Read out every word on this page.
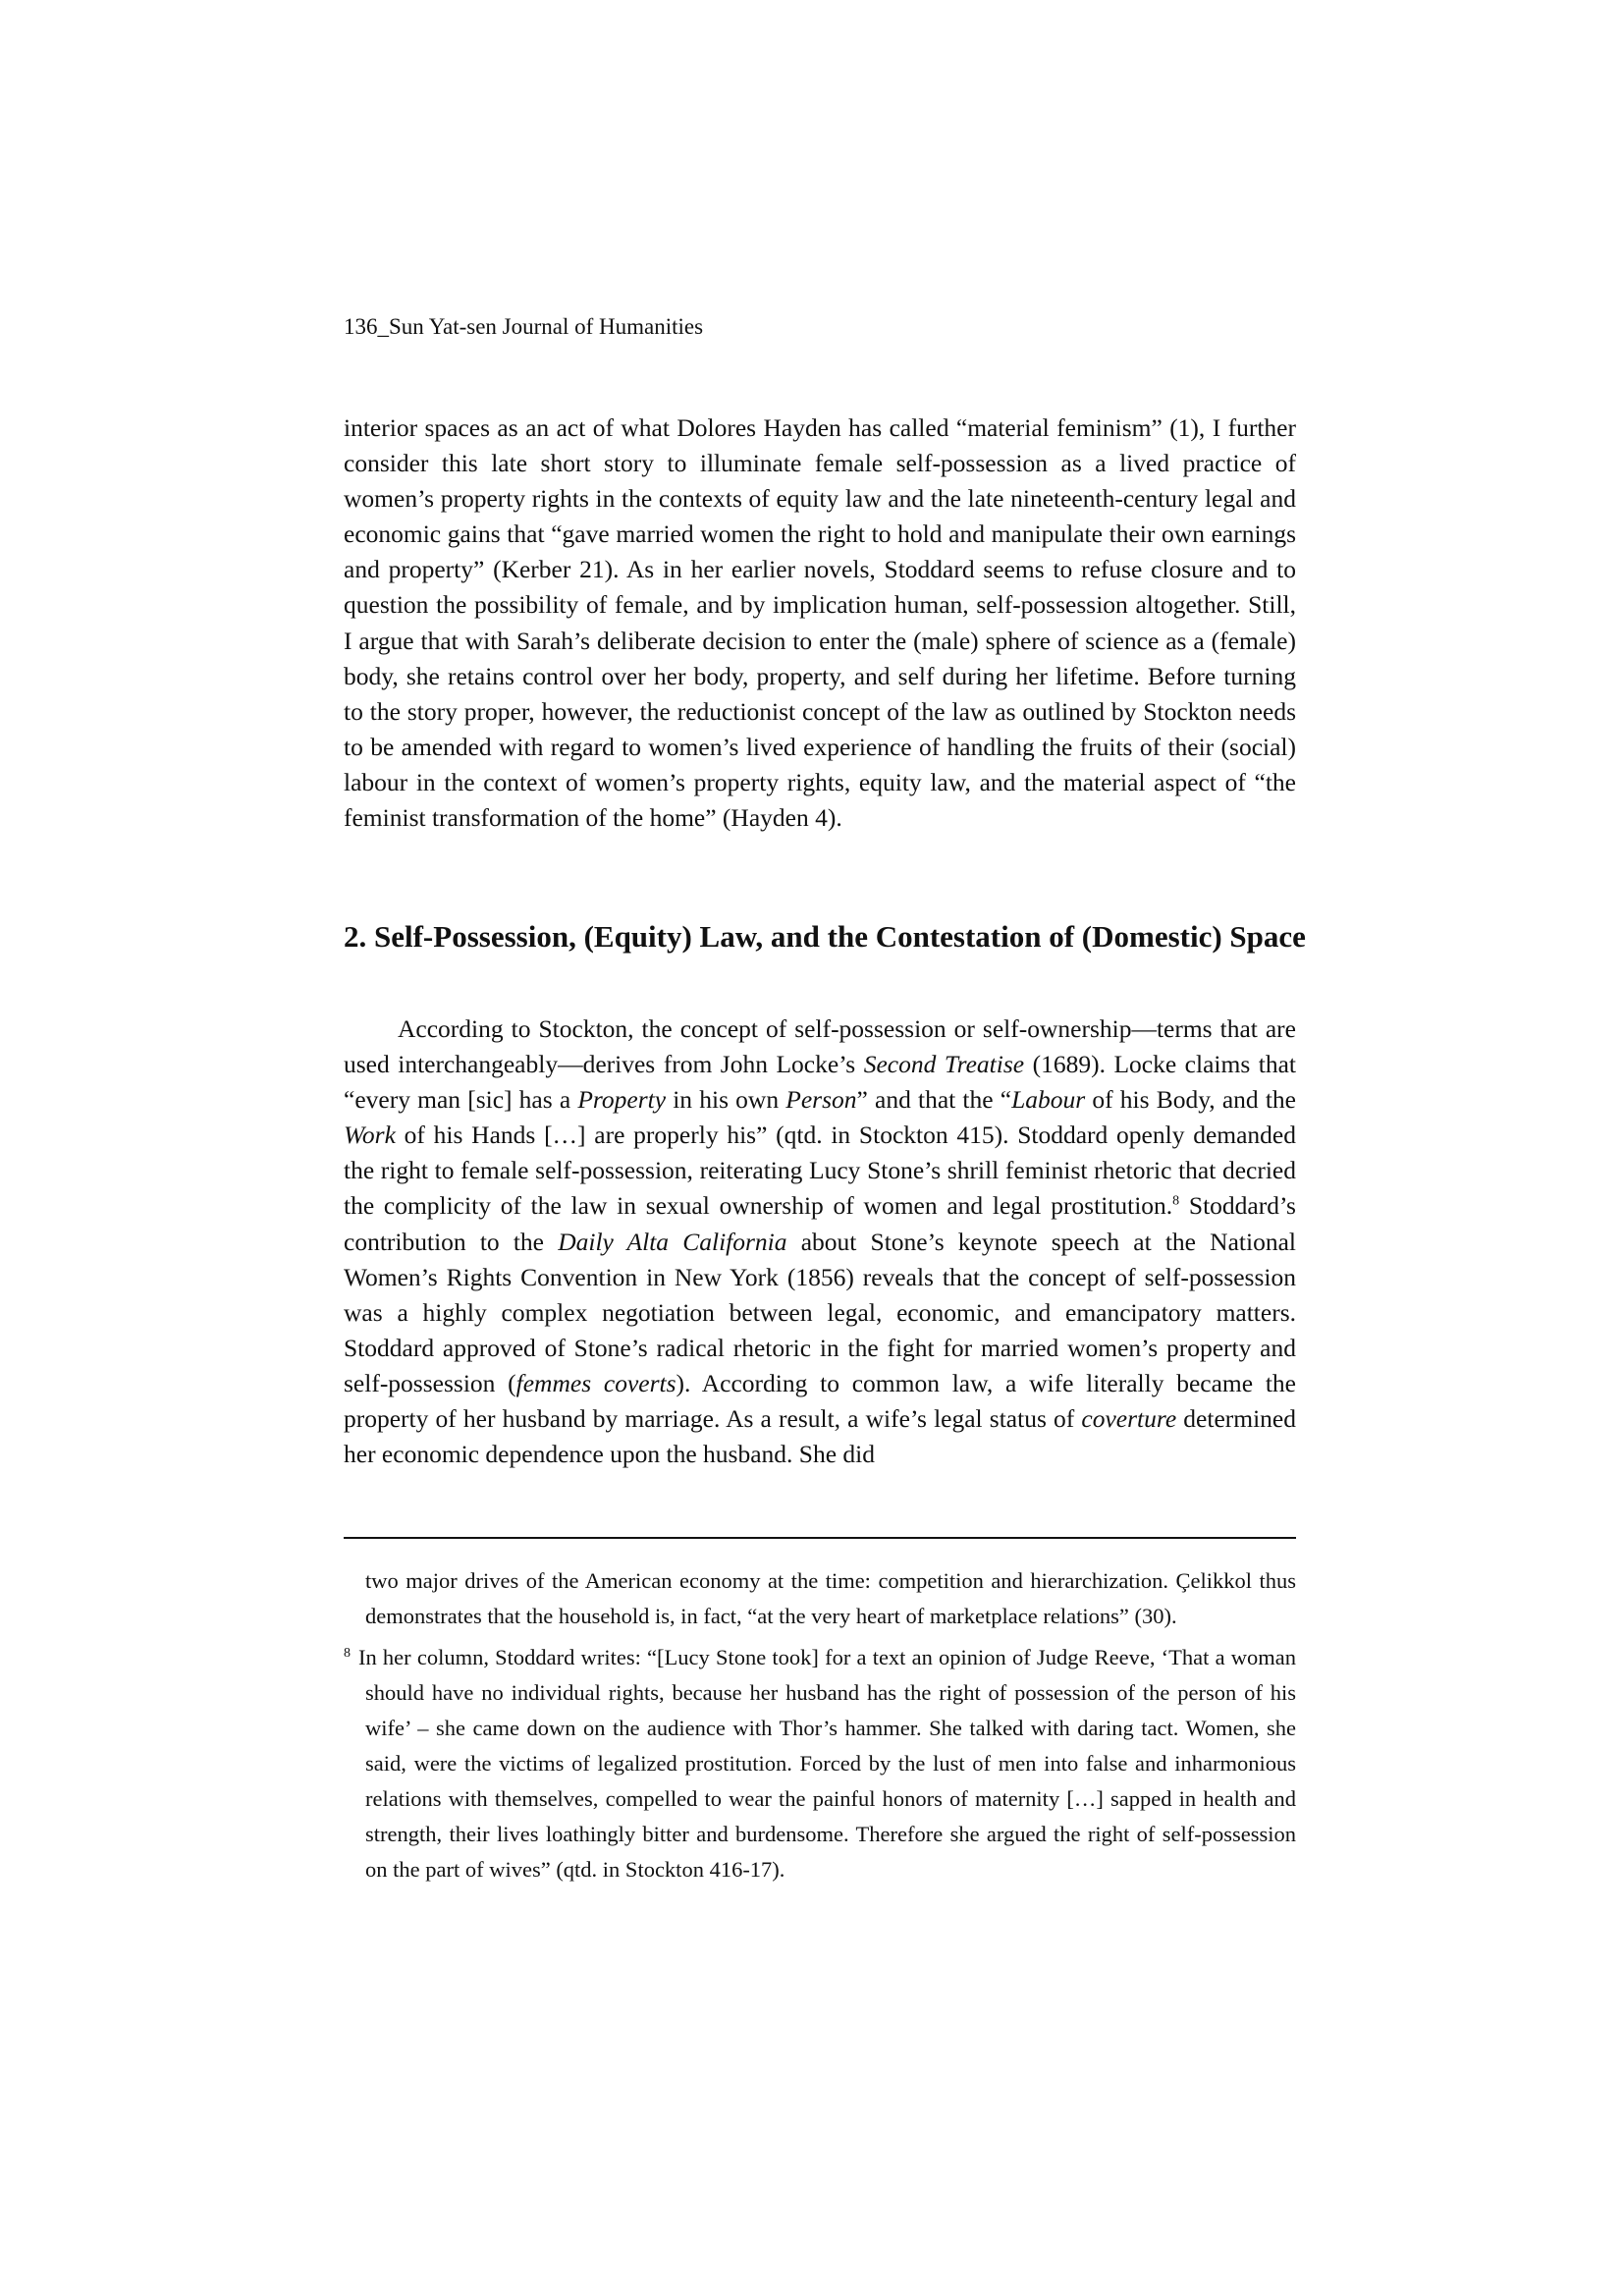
136_Sun Yat-sen Journal of Humanities

interior spaces as an act of what Dolores Hayden has called “material feminism” (1), I further consider this late short story to illuminate female self-possession as a lived practice of women’s property rights in the contexts of equity law and the late nineteenth-century legal and economic gains that “gave married women the right to hold and manipulate their own earnings and property” (Kerber 21). As in her earlier novels, Stoddard seems to refuse closure and to question the possibility of female, and by implication human, self-possession altogether. Still, I argue that with Sarah’s deliberate decision to enter the (male) sphere of science as a (female) body, she retains control over her body, property, and self during her lifetime. Before turning to the story proper, however, the reductionist concept of the law as outlined by Stockton needs to be amended with regard to women’s lived experience of handling the fruits of their (social) labour in the context of women’s property rights, equity law, and the material aspect of “the feminist transformation of the home” (Hayden 4).

2. Self-Possession, (Equity) Law, and the Contestation of (Domestic) Space

According to Stockton, the concept of self-possession or self-ownership—terms that are used interchangeably—derives from John Locke’s Second Treatise (1689). Locke claims that “every man [sic] has a Property in his own Person” and that the “Labour of his Body, and the Work of his Hands […] are properly his” (qtd. in Stockton 415). Stoddard openly demanded the right to female self-possession, reiterating Lucy Stone’s shrill feminist rhetoric that decried the complicity of the law in sexual ownership of women and legal prostitution.$^8$ Stoddard’s contribution to the Daily Alta California about Stone’s keynote speech at the National Women’s Rights Convention in New York (1856) reveals that the concept of self-possession was a highly complex negotiation between legal, economic, and emancipatory matters. Stoddard approved of Stone’s radical rhetoric in the fight for married women’s property and self-possession (femmes coverts). According to common law, a wife literally became the property of her husband by marriage. As a result, a wife’s legal status of coverture determined her economic dependence upon the husband. She did

two major drives of the American economy at the time: competition and hierarchization. Çelikkol thus demonstrates that the household is, in fact, “at the very heart of marketplace relations” (30).

$^8$ In her column, Stoddard writes: “[Lucy Stone took] for a text an opinion of Judge Reeve, ‘That a woman should have no individual rights, because her husband has the right of possession of the person of his wife’ – she came down on the audience with Thor’s hammer. She talked with daring tact. Women, she said, were the victims of legalized prostitution. Forced by the lust of men into false and inharmonious relations with themselves, compelled to wear the painful honors of maternity […] sapped in health and strength, their lives loathingly bitter and burdensome. Therefore she argued the right of self-possession on the part of wives” (qtd. in Stockton 416-17).
